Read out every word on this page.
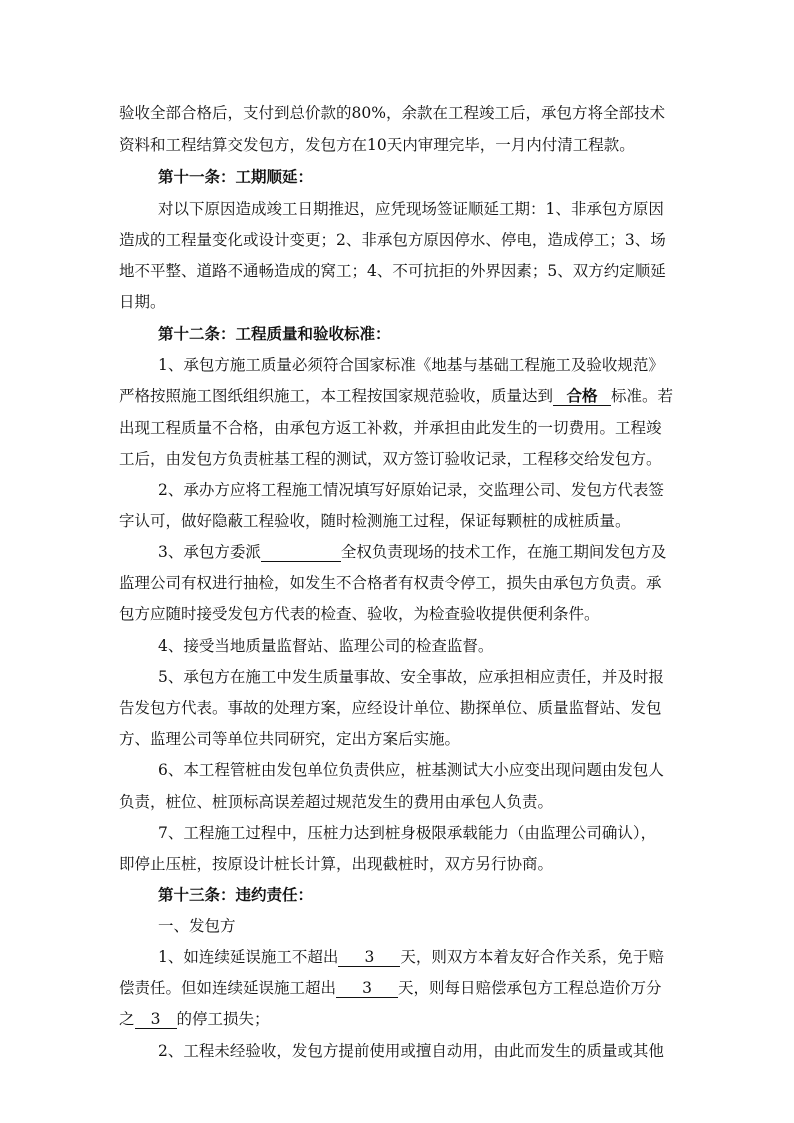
验收全部合格后，支付到总价款的80%，余款在工程竣工后，承包方将全部技术
资料和工程结算交发包方，发包方在10天内审理完毕，一月内付清工程款。
第十一条：工期顺延：
对以下原因造成竣工日期推迟，应凭现场签证顺延工期：1、非承包方原因
造成的工程量变化或设计变更；2、非承包方原因停水、停电，造成停工；3、场
地不平整、道路不通畅造成的窝工；4、不可抗拒的外界因素；5、双方约定顺延
日期。
第十二条：工程质量和验收标准：
1、承包方施工质量必须符合国家标准《地基与基础工程施工及验收规范》
严格按照施工图纸组织施工，本工程按国家规范验收，质量达到 合格 标准。若
出现工程质量不合格，由承包方返工补救，并承担由此发生的一切费用。工程竣
工后，由发包方负责桩基工程的测试，双方签订验收记录，工程移交给发包方。
2、承办方应将工程施工情况填写好原始记录，交监理公司、发包方代表签
字认可，做好隐蔽工程验收，随时检测施工过程，保证每颗桩的成桩质量。
3、承包方委派	全权负责现场的技术工作，在施工期间发包方及
监理公司有权进行抽检，如发生不合格者有权责令停工，损失由承包方负责。承
包方应随时接受发包方代表的检查、验收，为检查验收提供便利条件。
4、接受当地质量监督站、监理公司的检查监督。
5、承包方在施工中发生质量事故、安全事故，应承担相应责任，并及时报
告发包方代表。事故的处理方案，应经设计单位、勘探单位、质量监督站、发包
方、监理公司等单位共同研究，定出方案后实施。
6、本工程管桩由发包单位负责供应，桩基测试大小应变出现问题由发包人
负责，桩位、桩顶标高误差超过规范发生的费用由承包人负责。
7、工程施工过程中，压桩力达到桩身极限承载能力（由监理公司确认），
即停止压桩，按原设计桩长计算，出现截桩时，双方另行协商。
第十三条：违约责任：
一、发包方
1、如连续延误施工不超出 3 天，则双方本着友好合作关系，免于赔
偿责任。但如连续延误施工超出 3 天，则每日赔偿承包方工程总造价万分
之 3 的停工损失；
2、工程未经验收，发包方提前使用或擅自动用，由此而发生的质量或其他
